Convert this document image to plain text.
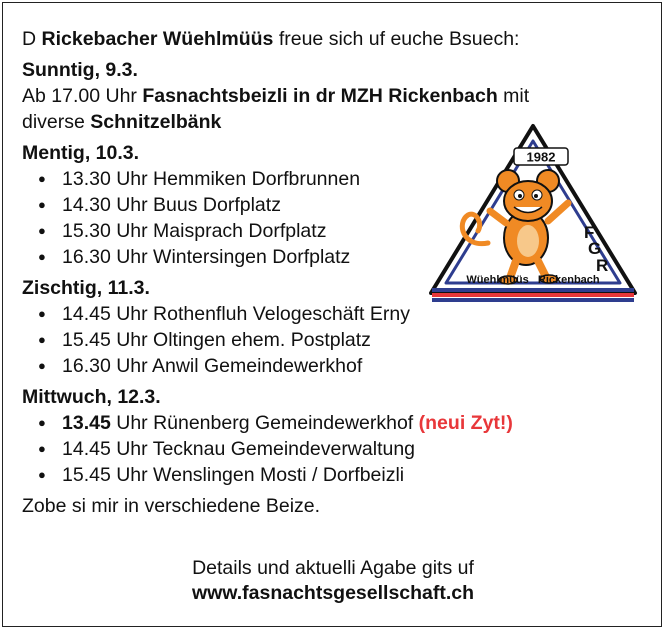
D Rickebacher Wüehlmüüs freue sich uf euche Bsuech:
Sunntig, 9.3.
Ab 17.00 Uhr Fasnachtsbeizli in dr MZH Rickenbach mit
diverse Schnitzelbänk
Mentig, 10.3.
● 13.30 Uhr Hemmiken Dorfbrunnen
● 14.30 Uhr Buus Dorfplatz
● 15.30 Uhr Maisprach Dorfplatz
● 16.30 Uhr Wintersingen Dorfplatz
Zischtig, 11.3.
● 14.45 Uhr Rothenfluh Velogeschäft Erny
● 15.45 Uhr Oltingen ehem. Postplatz
● 16.30 Uhr Anwil Gemeindewerkhof
Mittwuch, 12.3.
● 13.45 Uhr Rünenberg Gemeindewerkhof (neui Zyt!)
● 14.45 Uhr Tecknau Gemeindeverwaltung
● 15.45 Uhr Wenslingen Mosti / Dorfbeizli
Zobe si mir in verschiedene Beize.
Details und aktuelli Agabe gits uf
www.fasnachtsgesellschaft.ch
1982
F
G
R
Wüehlmüüs   Rickenbach
